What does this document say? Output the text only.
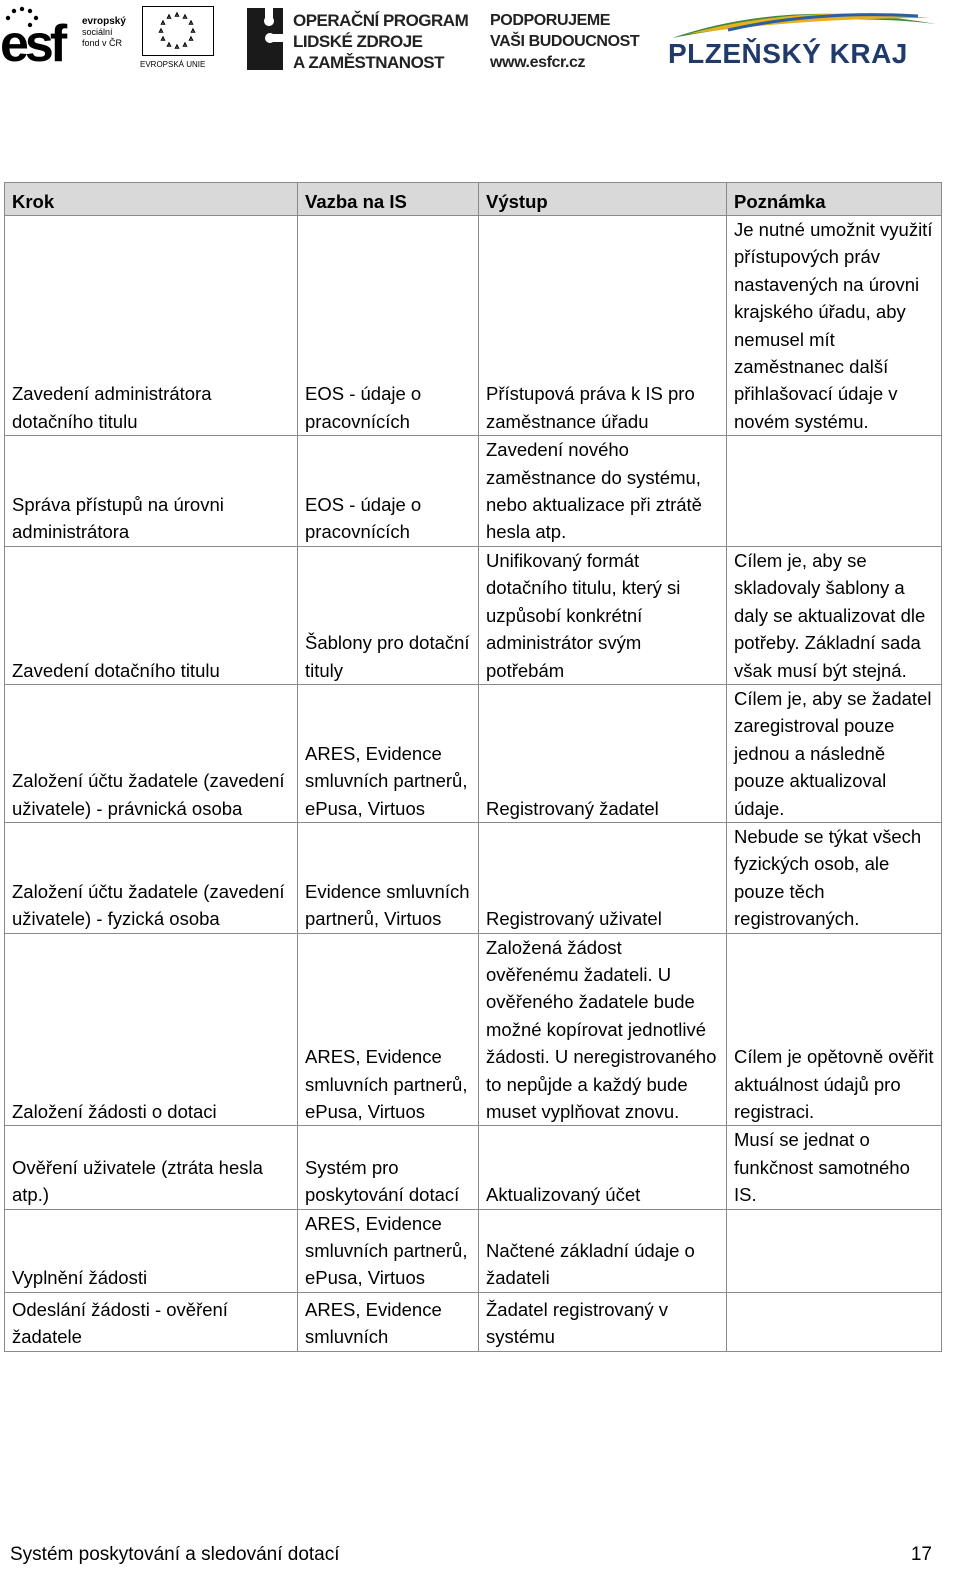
esf evropský
sociální
fond v ČR
EVROPSKÁ UNIE
OPERAČNÍ PROGRAM
LIDSKÉ ZDROJE
A ZAMĚSTNANOST
PODPORUJEME
VAŠI BUDOUCNOST
www.esfcr.cz	PLZEŇSKÝ KRAJ
Krok	Vazba na IS	Výstup	Poznámka
Zavedení administrátora dotačního titulu	EOS - údaje o pracovnících	Přístupová práva k IS pro zaměstnance úřadu	Je nutné umožnit využití přístupových práv nastavených na úrovni krajského úřadu, aby nemusel mít zaměstnanec další přihlašovací údaje v novém systému.
Správa přístupů na úrovni administrátora	EOS - údaje o pracovnících	Zavedení nového zaměstnance do systému, nebo aktualizace při ztrátě hesla atp.	
Zavedení dotačního titulu	Šablony pro dotační tituly	Unifikovaný formát dotačního titulu, který si uzpůsobí konkrétní administrátor svým potřebám	Cílem je, aby se skladovaly šablony a daly se aktualizovat dle potřeby. Základní sada však musí být stejná.
Založení účtu žadatele (zavedení uživatele) - právnická osoba	ARES, Evidence smluvních partnerů, ePusa, Virtuos	Registrovaný žadatel	Cílem je, aby se žadatel zaregistroval pouze jednou a následně pouze aktualizoval údaje.
Založení účtu žadatele (zavedení uživatele) - fyzická osoba	Evidence smluvních partnerů, Virtuos	Registrovaný uživatel	Nebude se týkat všech fyzických osob, ale pouze těch registrovaných.
Založení žádosti o dotaci	ARES, Evidence smluvních partnerů, ePusa, Virtuos	Založená žádost ověřenému žadateli. U ověřeného žadatele bude možné kopírovat jednotlivé žádosti. U neregistrovaného to nepůjde a každý bude muset vyplňovat znovu.	Cílem je opětovně ověřit aktuálnost údajů pro registraci.
Ověření uživatele (ztráta hesla atp.)	Systém pro poskytování dotací	Aktualizovaný účet	Musí se jednat o funkčnost samotného IS.
Vyplnění žádosti	ARES, Evidence smluvních partnerů, ePusa, Virtuos	Načtené základní údaje o žadateli	
Odeslání žádosti - ověření žadatele	ARES, Evidence smluvních	Žadatel registrovaný v systému	
Systém poskytování a sledování dotací	17
